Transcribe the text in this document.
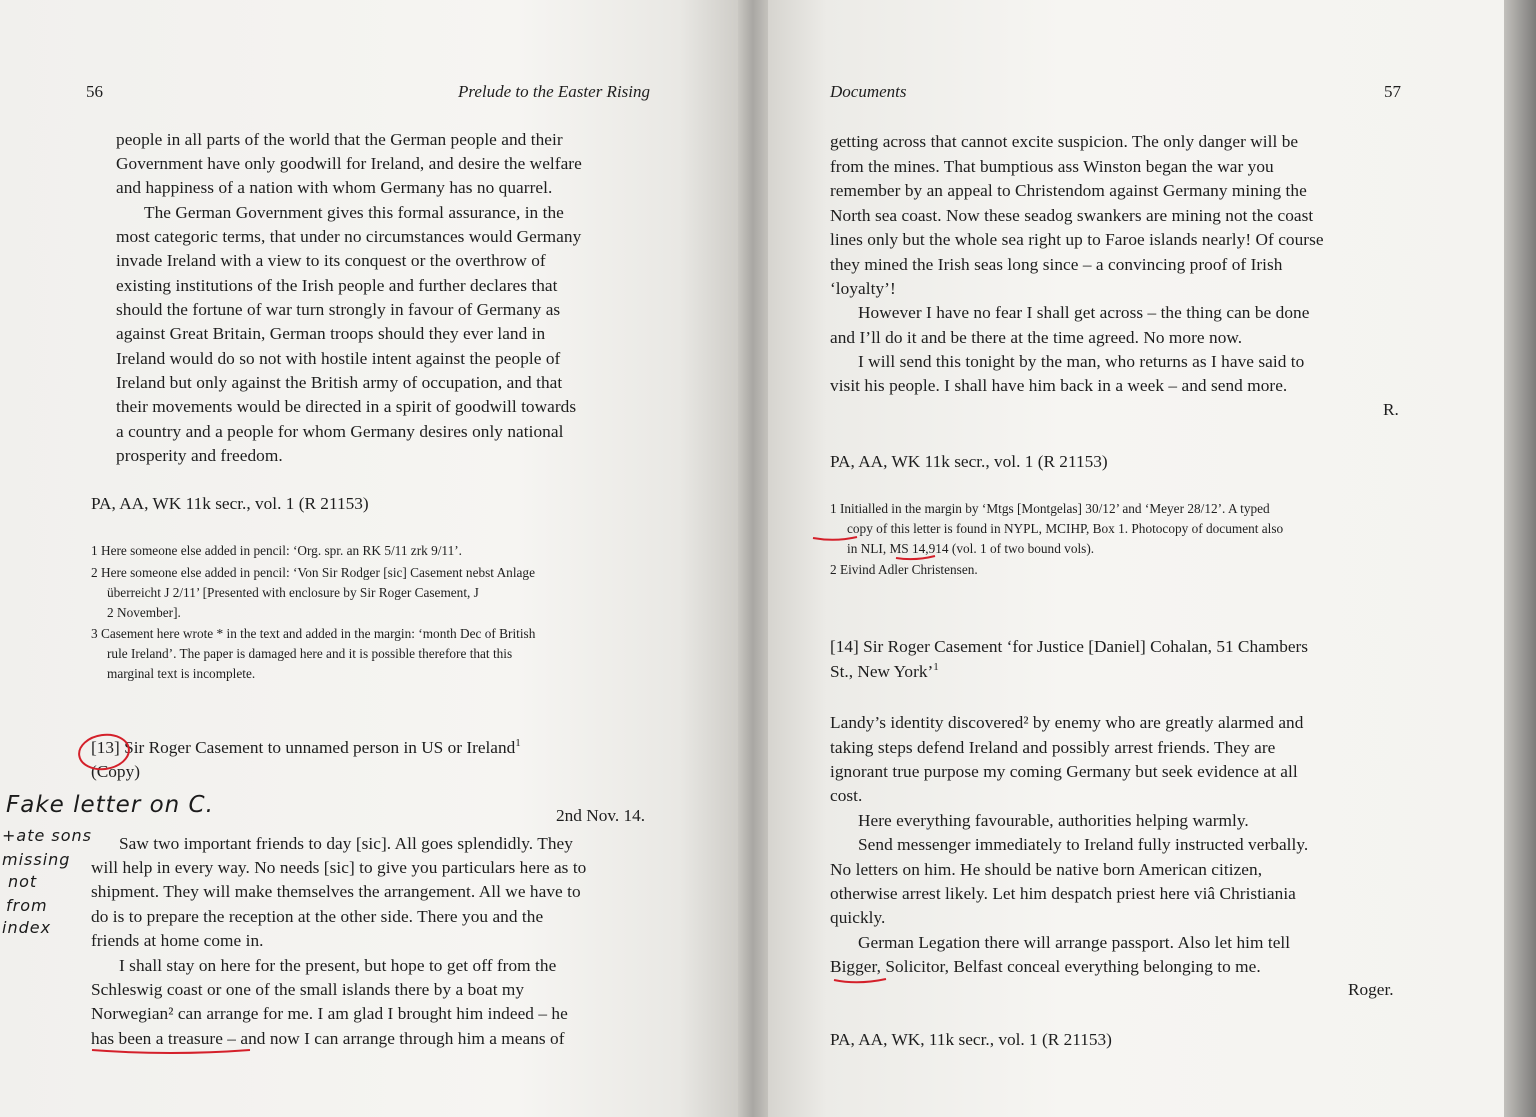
56	Prelude to the Easter Rising
people in all parts of the world that the German people and their
Government have only goodwill for Ireland, and desire the welfare
and happiness of a nation with whom Germany has no quarrel.
The German Government gives this formal assurance, in the
most categoric terms, that under no circumstances would Germany
invade Ireland with a view to its conquest or the overthrow of
existing institutions of the Irish people and further declares that
should the fortune of war turn strongly in favour of Germany as
against Great Britain, German troops should they ever land in
Ireland would do so not with hostile intent against the people of
Ireland but only against the British army of occupation, and that
their movements would be directed in a spirit of goodwill towards
a country and a people for whom Germany desires only national
prosperity and freedom.
PA, AA, WK 11k secr., vol. 1 (R 21153)
1 Here someone else added in pencil: ‘Org. spr. an RK 5/11 zrk 9/11’.
2 Here someone else added in pencil: ‘Von Sir Rodger [sic] Casement nebst Anlage
überreicht J 2/11’ [Presented with enclosure by Sir Roger Casement, J
2 November].
3 Casement here wrote * in the text and added in the margin: ‘month Dec of British
rule Ireland’. The paper is damaged here and it is possible therefore that this
marginal text is incomplete.
[13] Sir Roger Casement to unnamed person in US or Ireland$^1$
(Copy)
2nd Nov. 14.
Saw two important friends to day [sic]. All goes splendidly. They
will help in every way. No needs [sic] to give you particulars here as to
shipment. They will make themselves the arrangement. All we have to
do is to prepare the reception at the other side. There you and the
friends at home come in.
I shall stay on here for the present, but hope to get off from the
Schleswig coast or one of the small islands there by a boat my
Norwegian² can arrange for me. I am glad I brought him indeed – he
has been a treasure – and now I can arrange through him a means of
Fake letter on C.
+ate sons
missing
not
from
index
Documents	57
getting across that cannot excite suspicion. The only danger will be
from the mines. That bumptious ass Winston began the war you
remember by an appeal to Christendom against Germany mining the
North sea coast. Now these seadog swankers are mining not the coast
lines only but the whole sea right up to Faroe islands nearly! Of course
they mined the Irish seas long since – a convincing proof of Irish
‘loyalty’!
However I have no fear I shall get across – the thing can be done
and I’ll do it and be there at the time agreed. No more now.
I will send this tonight by the man, who returns as I have said to
visit his people. I shall have him back in a week – and send more.
R.
PA, AA, WK 11k secr., vol. 1 (R 21153)
1 Initialled in the margin by ‘Mtgs [Montgelas] 30/12’ and ‘Meyer 28/12’. A typed
copy of this letter is found in NYPL, MCIHP, Box 1. Photocopy of document also
in NLI, MS 14,914 (vol. 1 of two bound vols).
2 Eivind Adler Christensen.
[14] Sir Roger Casement ‘for Justice [Daniel] Cohalan, 51 Chambers
St., New York’$^1$
Landy’s identity discovered² by enemy who are greatly alarmed and
taking steps defend Ireland and possibly arrest friends. They are
ignorant true purpose my coming Germany but seek evidence at all
cost.
Here everything favourable, authorities helping warmly.
Send messenger immediately to Ireland fully instructed verbally.
No letters on him. He should be native born American citizen,
otherwise arrest likely. Let him despatch priest here viâ Christiania
quickly.
German Legation there will arrange passport. Also let him tell
Bigger, Solicitor, Belfast conceal everything belonging to me.
Roger.
PA, AA, WK, 11k secr., vol. 1 (R 21153)
